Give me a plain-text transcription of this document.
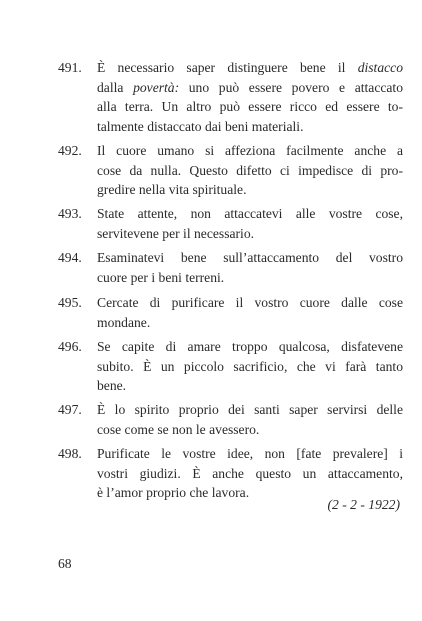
491.	È necessario saper distinguere bene il distacco
dalla povertà: uno può essere povero e attaccato
alla terra. Un altro può essere ricco ed essere to-
talmente distaccato dai beni materiali.
492.	Il cuore umano si affeziona facilmente anche a
cose da nulla. Questo difetto ci impedisce di pro-
gredire nella vita spirituale.
493.	State attente, non attaccatevi alle vostre cose,
servitevene per il necessario.
494.	Esaminatevi bene sull’attaccamento del vostro
cuore per i beni terreni.
495.	Cercate di purificare il vostro cuore dalle cose
mondane.
496.	Se capite di amare troppo qualcosa, disfatevene
subito. È un piccolo sacrificio, che vi farà tanto
bene.
497.	È lo spirito proprio dei santi saper servirsi delle
cose come se non le avessero.
498.	Purificate le vostre idee, non [fate prevalere] i
vostri giudizi. È anche questo un attaccamento,
è l’amor proprio che lavora.
(2 - 2 - 1922)
68
